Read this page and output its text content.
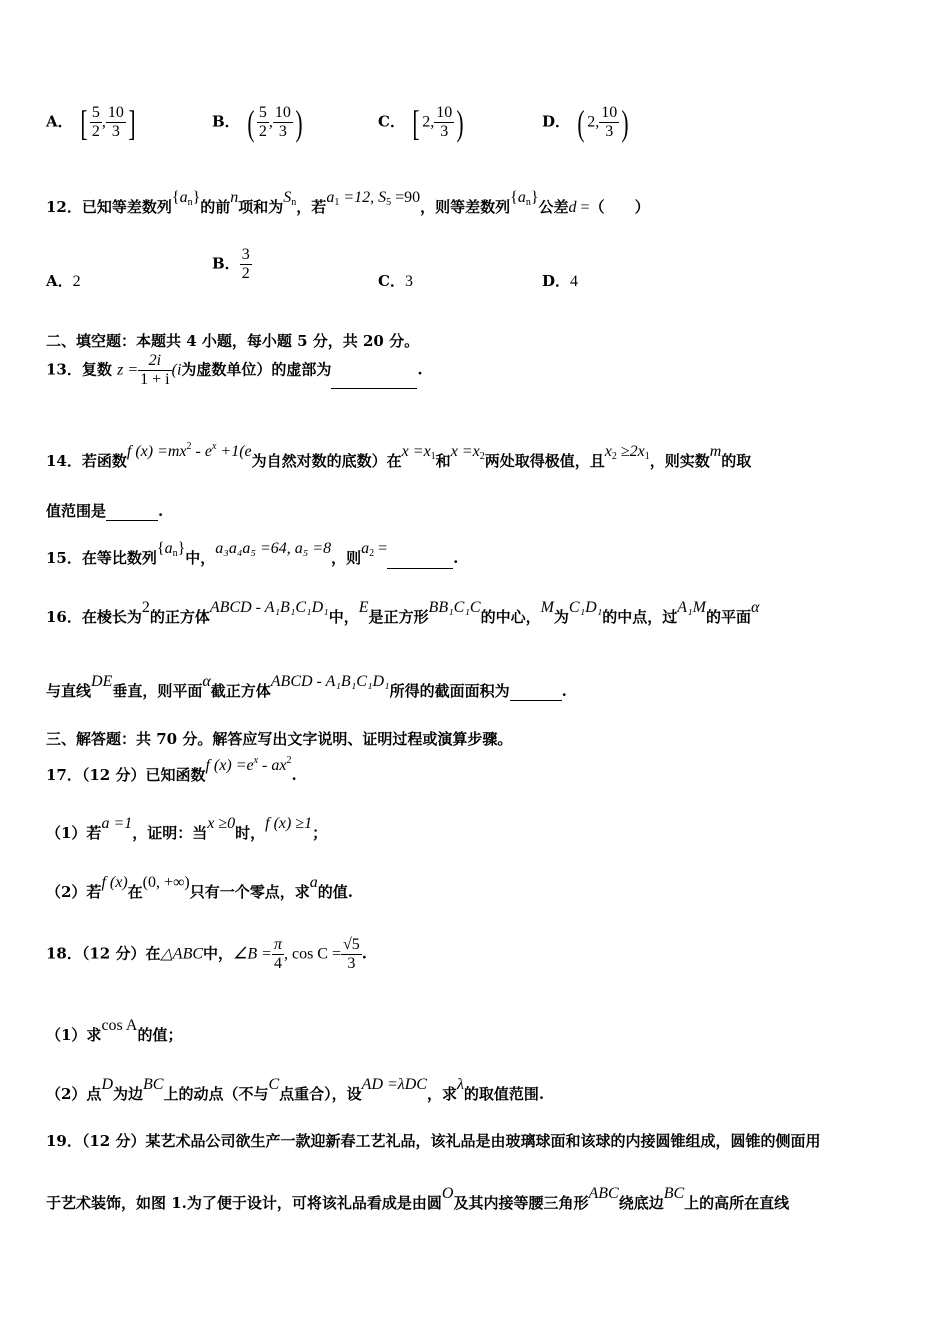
A． [ $\frac{5}{2}$ , $\frac{10}{3}$ ]	B． ( $\frac{5}{2}$ , $\frac{10}{3}$ )	C． [ 2, $\frac{10}{3}$ )	D． ( 2, $\frac{10}{3}$ )
12．已知等差数列$\{a_n\}$的前n项和为$S_n$，若$a_1 =12$, $S_5 =90$，则等差数列$\{a_n\}$公差d =（　　）
A．2
B． $\frac{3}{2}$	C．3	D．4
二、填空题：本题共 4 小题，每小题 5 分，共 20 分。
13．复数 $z = \frac{2i}{1 + i} (i$为虚数单位）的虚部为	.
14．若函数f $(x) =mx^2 - e^x +1(e$为自然对数的底数）在$x =x_1$和$x =x_2$两处取得极值，且$x_2 \ge 2x_1$，则实数m的取
值范围是	.
15．在等比数列$\{a_n\}$中，a₃a₄a₅ =64, a₅ =8，则$a_2$ =.
16．在棱长为2的正方体ABCD - A₁B₁C₁D₁中，E是正方形BB₁C₁C的中心，M为C₁D₁的中点，过A₁M的平面α
与直线DE垂直，则平面α截正方体ABCD - A₁B₁C₁D₁所得的截面面积为	.
三、解答题：共 70 分。解答应写出文字说明、证明过程或演算步骤。
17．（12 分）已知函数f $(x) =e^x - ax^2$.
（1）若a =1，证明：当x ≥0时，f (x) ≥1；
（2）若f (x)在(0, +∞)只有一个零点，求a的值.
18．（12 分）在△ABC中，∠B = $\frac{\pi}{4}$ , $\cos C = \frac{√5}{3}$ .
（1）求cos A的值；
（2）点D为边BC上的动点（不与C点重合），设AD =λDC，求λ的取值范围.
19．（12 分）某艺术品公司欲生产一款迎新春工艺礼品，该礼品是由玻璃球面和该球的内接圆锥组成，圆锥的侧面用
于艺术装饰，如图 1.为了便于设计，可将该礼品看成是由圆O及其内接等腰三角形ABC绕底边BC上的高所在直线
